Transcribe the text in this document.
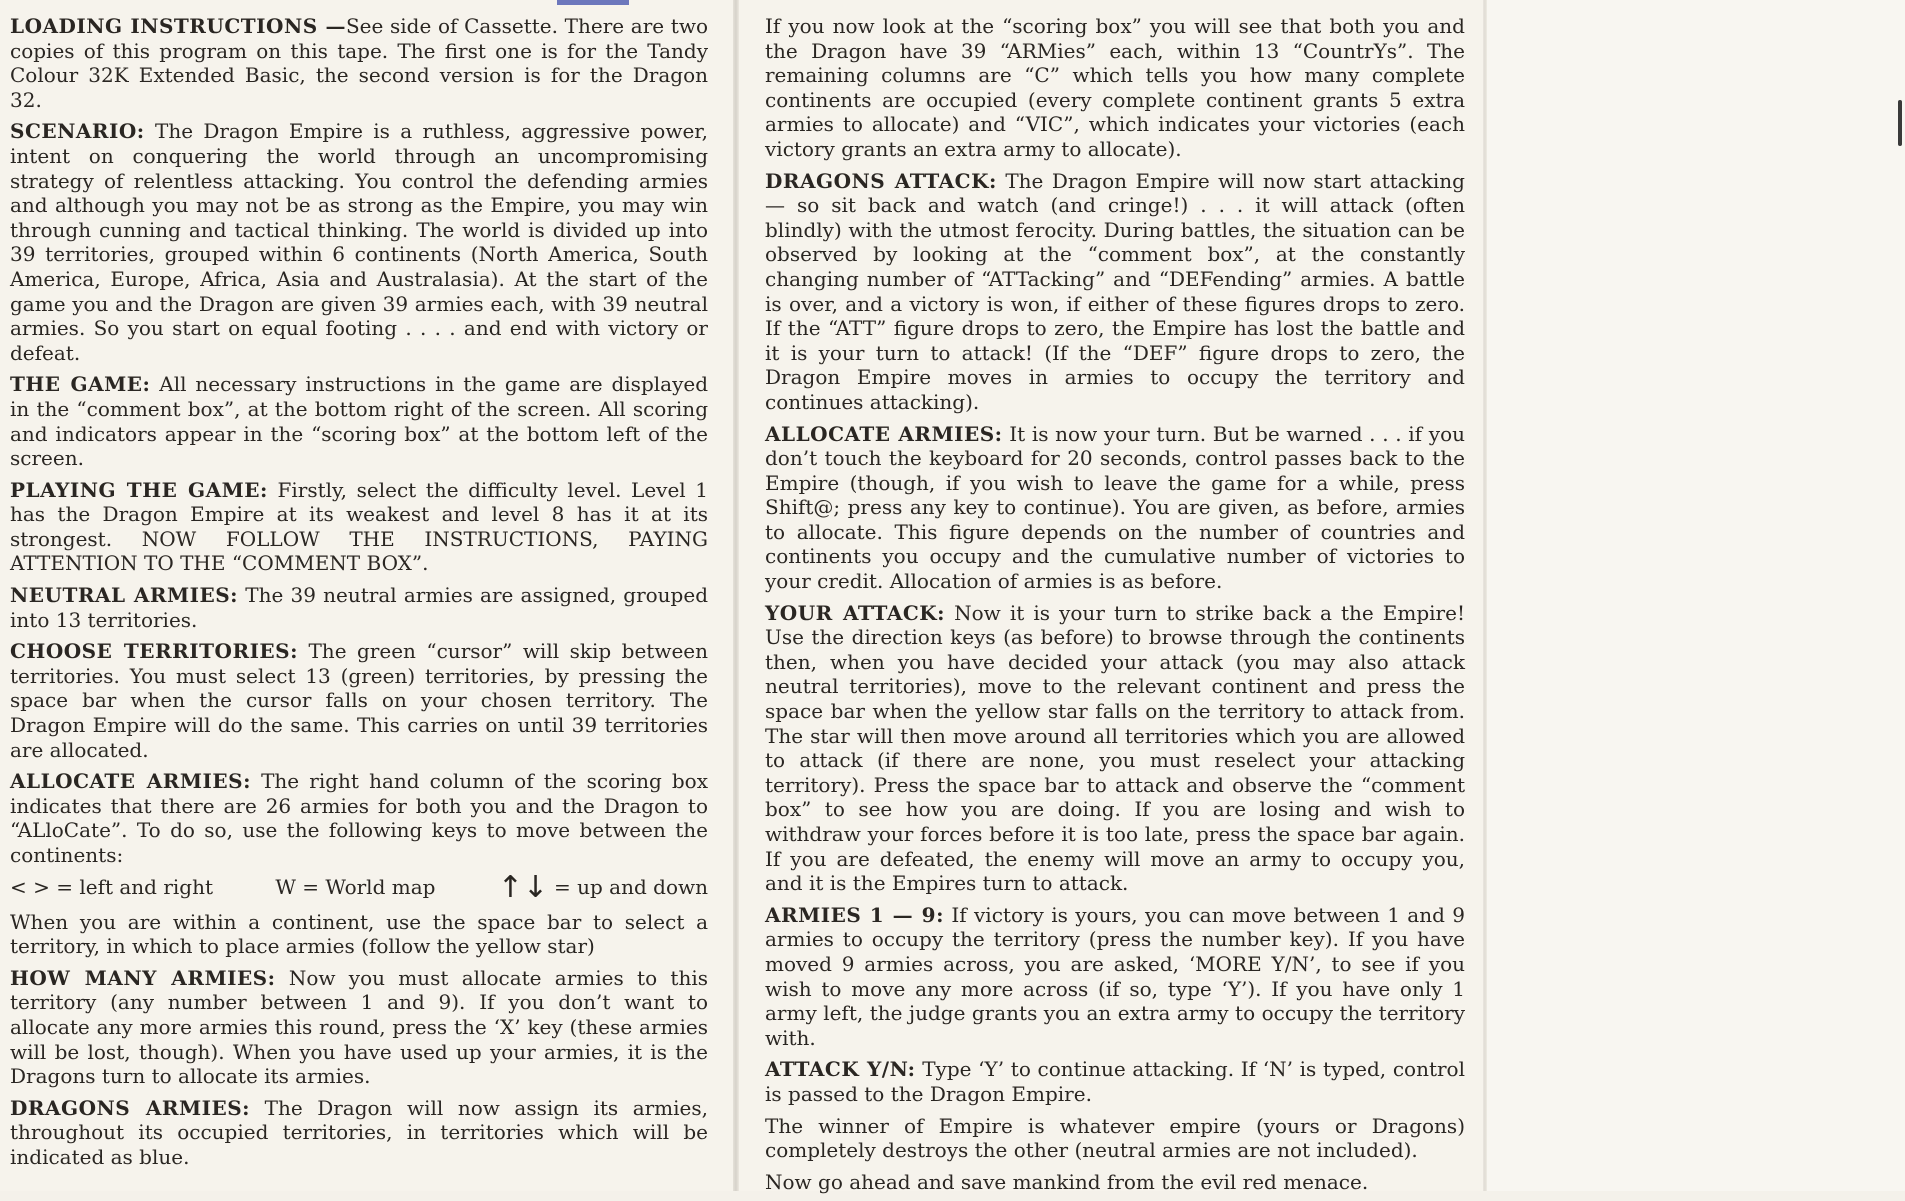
LOADING INSTRUCTIONS —See side of Cassette. There are two copies of this program on this tape. The first one is for the Tandy Colour 32K Extended Basic, the second version is for the Dragon 32.

SCENARIO: The Dragon Empire is a ruthless, aggressive power, intent on conquering the world through an uncompromising strategy of relentless attacking. You control the defending armies and although you may not be as strong as the Empire, you may win through cunning and tactical thinking. The world is divided up into 39 territories, grouped within 6 continents (North America, South America, Europe, Africa, Asia and Australasia). At the start of the game you and the Dragon are given 39 armies each, with 39 neutral armies. So you start on equal footing . . . . and end with victory or defeat.

THE GAME: All necessary instructions in the game are displayed in the “comment box”, at the bottom right of the screen. All scoring and indicators appear in the “scoring box” at the bottom left of the screen.

PLAYING THE GAME: Firstly, select the difficulty level. Level 1 has the Dragon Empire at its weakest and level 8 has it at its strongest. NOW FOLLOW THE INSTRUCTIONS, PAYING ATTENTION TO THE “COMMENT BOX”.

NEUTRAL ARMIES: The 39 neutral armies are assigned, grouped into 13 territories.

CHOOSE TERRITORIES: The green “cursor” will skip between territories. You must select 13 (green) territories, by pressing the space bar when the cursor falls on your chosen territory. The Dragon Empire will do the same. This carries on until 39 territories are allocated.

ALLOCATE ARMIES: The right hand column of the scoring box indicates that there are 26 armies for both you and the Dragon to “ALloCate”. To do so, use the following keys to move between the continents:

< > = left and right	W = World map ↑↓ = up and down

When you are within a continent, use the space bar to select a territory, in which to place armies (follow the yellow star)

HOW MANY ARMIES: Now you must allocate armies to this territory (any number between 1 and 9). If you don’t want to allocate any more armies this round, press the ‘X’ key (these armies will be lost, though). When you have used up your armies, it is the Dragons turn to allocate its armies.

DRAGONS ARMIES: The Dragon will now assign its armies, throughout its occupied territories, in territories which will be indicated as blue.

If you now look at the “scoring box” you will see that both you and the Dragon have 39 “ARMies” each, within 13 “CountrYs”. The remaining columns are “C” which tells you how many complete continents are occupied (every complete continent grants 5 extra armies to allocate) and “VIC”, which indicates your victories (each victory grants an extra army to allocate).

DRAGONS ATTACK: The Dragon Empire will now start attacking — so sit back and watch (and cringe!) . . . it will attack (often blindly) with the utmost ferocity. During battles, the situation can be observed by looking at the “comment box”, at the constantly changing number of “ATTacking” and “DEFending” armies. A battle is over, and a victory is won, if either of these figures drops to zero. If the “ATT” figure drops to zero, the Empire has lost the battle and it is your turn to attack! (If the “DEF” figure drops to zero, the Dragon Empire moves in armies to occupy the territory and continues attacking).

ALLOCATE ARMIES: It is now your turn. But be warned . . . if you don’t touch the keyboard for 20 seconds, control passes back to the Empire (though, if you wish to leave the game for a while, press Shift@; press any key to continue). You are given, as before, armies to allocate. This figure depends on the number of countries and continents you occupy and the cumulative number of victories to your credit. Allocation of armies is as before.

YOUR ATTACK: Now it is your turn to strike back a the Empire! Use the direction keys (as before) to browse through the continents then, when you have decided your attack (you may also attack neutral territories), move to the relevant continent and press the space bar when the yellow star falls on the territory to attack from. The star will then move around all territories which you are allowed to attack (if there are none, you must reselect your attacking territory). Press the space bar to attack and observe the “comment box” to see how you are doing. If you are losing and wish to withdraw your forces before it is too late, press the space bar again. If you are defeated, the enemy will move an army to occupy you, and it is the Empires turn to attack.

ARMIES 1 — 9: If victory is yours, you can move between 1 and 9 armies to occupy the territory (press the number key). If you have moved 9 armies across, you are asked, ‘MORE Y/N’, to see if you wish to move any more across (if so, type ‘Y’). If you have only 1 army left, the judge grants you an extra army to occupy the territory with.

ATTACK Y/N: Type ‘Y’ to continue attacking. If ‘N’ is typed, control is passed to the Dragon Empire.

The winner of Empire is whatever empire (yours or Dragons) completely destroys the other (neutral armies are not included).

Now go ahead and save mankind from the evil red menace.
